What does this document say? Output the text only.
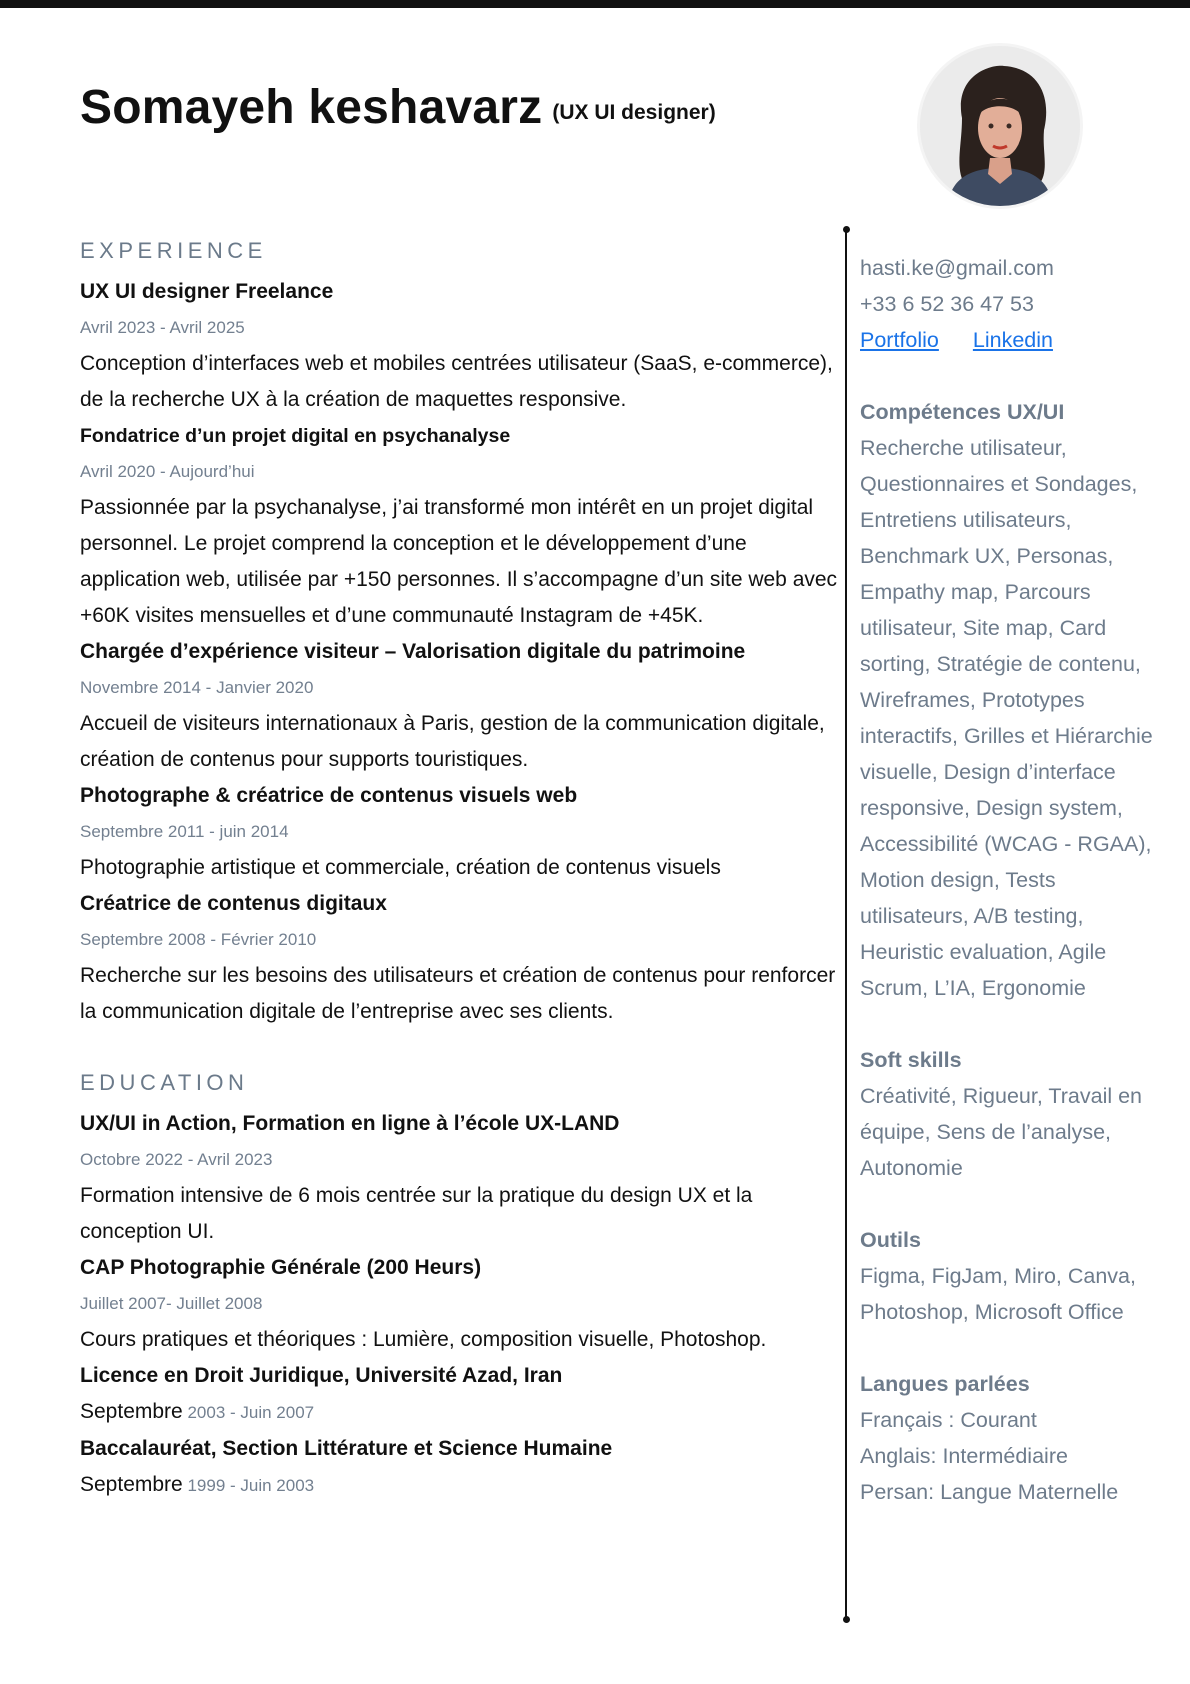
Somayeh keshavarz (UX UI designer)
EXPERIENCE
UX UI designer Freelance
Avril 2023 - Avril 2025
Conception d’interfaces web et mobiles centrées utilisateur (SaaS, e-commerce), de la recherche UX à la création de maquettes responsive.
Fondatrice d’un projet digital en psychanalyse
Avril 2020 - Aujourd’hui
Passionnée par la psychanalyse, j’ai transformé mon intérêt en un projet digital personnel. Le projet comprend la conception et le développement d’une application web, utilisée par +150 personnes. Il s’accompagne d’un site web avec +60K visites mensuelles et d’une communauté Instagram de +45K.
Chargée d’expérience visiteur – Valorisation digitale du patrimoine
Novembre 2014 - Janvier 2020
Accueil de visiteurs internationaux à Paris, gestion de la communication digitale, création de contenus pour supports touristiques.
Photographe & créatrice de contenus visuels web
Septembre 2011 - juin 2014
Photographie artistique et commerciale, création de contenus visuels
Créatrice de contenus digitaux
Septembre 2008 - Février 2010
Recherche sur les besoins des utilisateurs et création de contenus pour renforcer la communication digitale de l’entreprise avec ses clients.
EDUCATION
UX/UI in Action, Formation en ligne à l’école UX-LAND
Octobre 2022 - Avril 2023
Formation intensive de 6 mois centrée sur la pratique du design UX et la conception UI.
CAP Photographie Générale (200 Heurs)
Juillet 2007- Juillet 2008
Cours pratiques et théoriques : Lumière, composition visuelle, Photoshop.
Licence en Droit Juridique, Université Azad, Iran
Septembre 2003 - Juin 2007
Baccalauréat, Section Littérature et Science Humaine
Septembre 1999 - Juin 2003
hasti.ke@gmail.com
+33 6 52 36 47 53
Portfolio Linkedin
Compétences UX/UI
Recherche utilisateur,
Questionnaires et Sondages,
Entretiens utilisateurs,
Benchmark UX, Personas,
Empathy map, Parcours
utilisateur, Site map, Card
sorting, Stratégie de contenu,
Wireframes, Prototypes
interactifs, Grilles et Hiérarchie
visuelle, Design d’interface
responsive, Design system,
Accessibilité (WCAG - RGAA),
Motion design, Tests
utilisateurs, A/B testing,
Heuristic evaluation, Agile
Scrum, L’IA, Ergonomie
Soft skills
Créativité, Rigueur, Travail en
équipe, Sens de l’analyse,
Autonomie
Outils
Figma, FigJam, Miro, Canva,
Photoshop, Microsoft Office
Langues parlées
Français : Courant
Anglais: Intermédiaire
Persan: Langue Maternelle
